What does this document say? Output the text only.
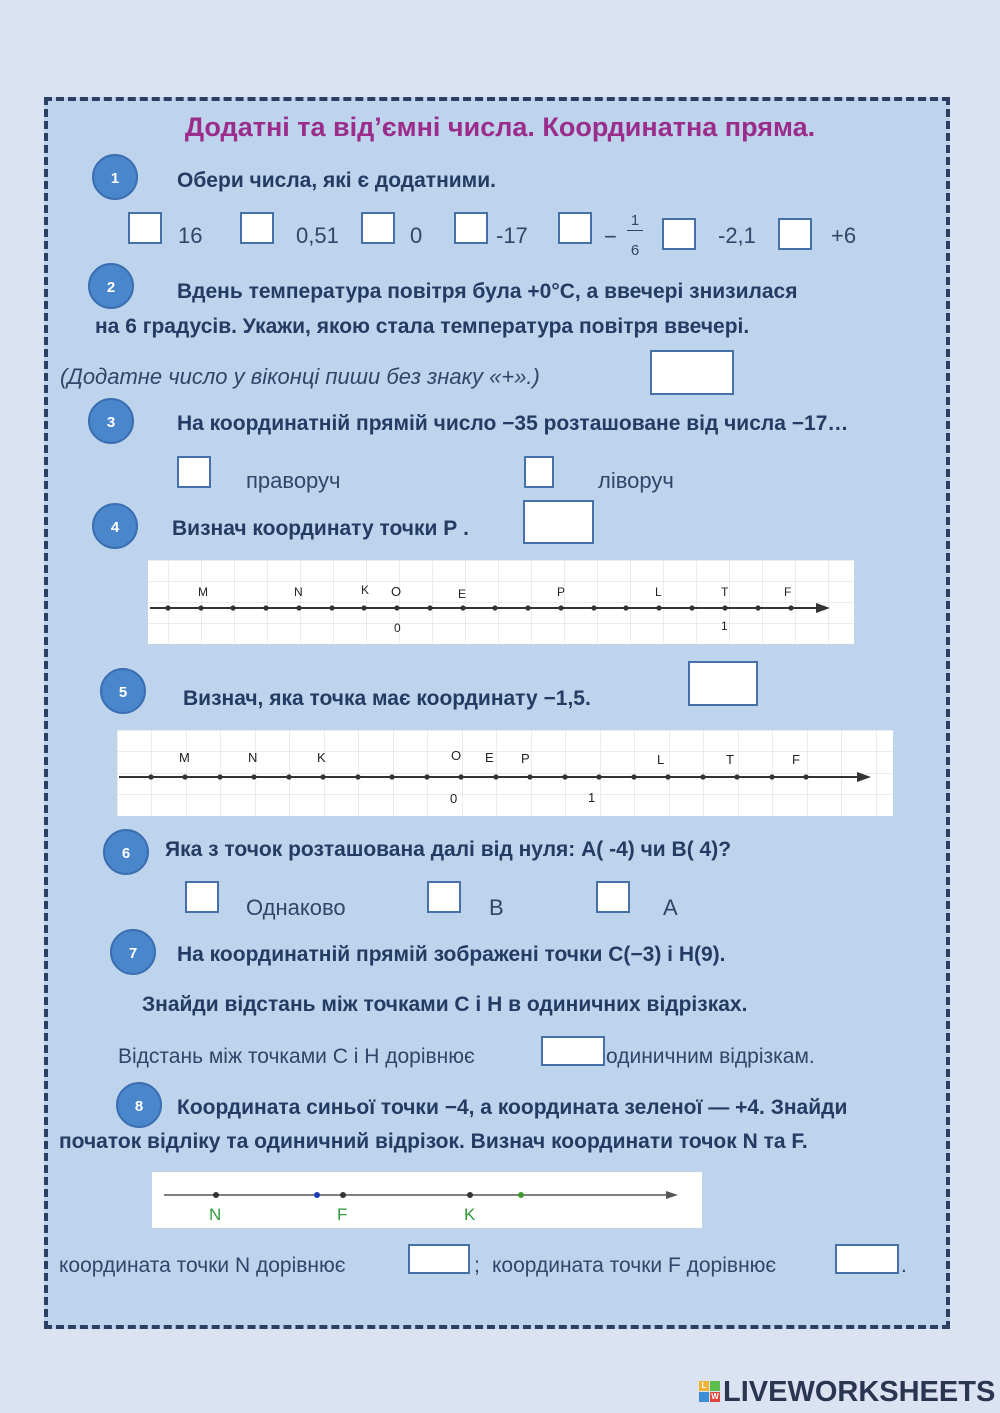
Додатні та від’ємні числа. Координатна пряма.
1	Обери числа, які є додатними.
16	0,51	0	-17	−
1
6
-2,1	+6
2	Вдень температура повітря була +0°С, а ввечері знизилася
на 6 градусів. Укажи, якою стала температура повітря ввечері.
(Додатне число у віконці пиши без знаку «+».)
3	На координатній прямій число −35 розташоване від числа −17…
праворуч	ліворуч
4	Визнач координату точки Р .
M	N	K O	E	P	L	T	F
0	1
5	Визнач, яка точка має координату −1,5.
M	N	K	O E P	L	T	F
0	1
6	Яка з точок розташована далі від нуля: А( -4) чи В( 4)?
Однаково	В	А
7	На координатній прямій зображені точки С(−3) і Н(9).
Знайди відстань між точками С і Н в одиничних відрізках.
Відстань між точками С і Н дорівнює	одиничним відрізкам.
8	Координата синьої точки −4, а координата зеленої — +4. Знайди
початок відліку та одиничний відрізок. Визнач координати точок N та F.
N	F	K
координата точки N дорівнює	; координата точки F дорівнює	.
L
W LIVEWORKSHEETS
